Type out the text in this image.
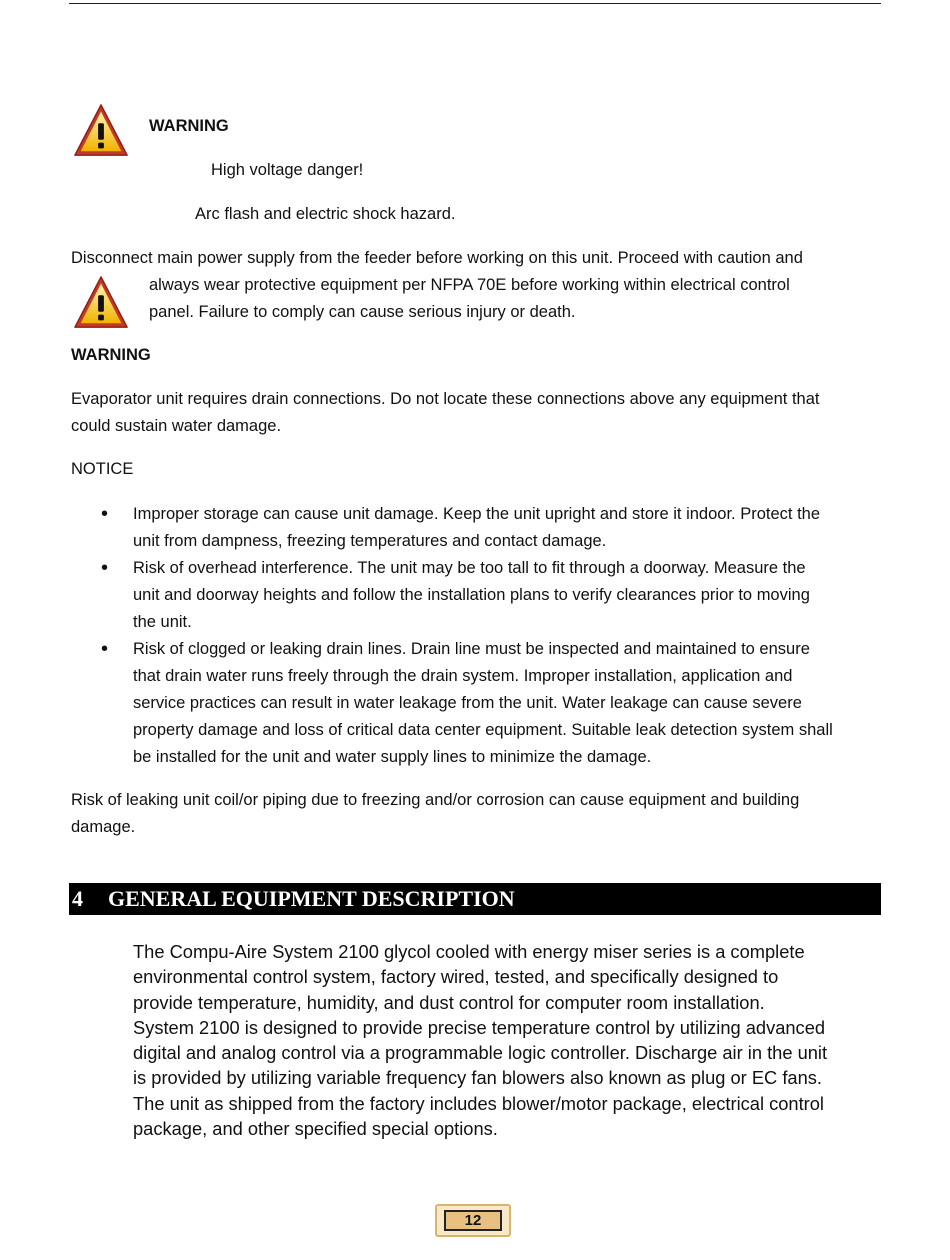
WARNING
High voltage danger!
Arc flash and electric shock hazard.
Disconnect main power supply from the feeder before working on this unit. Proceed with caution and
always wear protective equipment per NFPA 70E before working within electrical control
panel. Failure to comply can cause serious injury or death.
WARNING
Evaporator unit requires drain connections. Do not locate these connections above any equipment that
could sustain water damage.
NOTICE
• Improper storage can cause unit damage. Keep the unit upright and store it indoor. Protect the
unit from dampness, freezing temperatures and contact damage.
• Risk of overhead interference. The unit may be too tall to fit through a doorway. Measure the
unit and doorway heights and follow the installation plans to verify clearances prior to moving
the unit.
• Risk of clogged or leaking drain lines. Drain line must be inspected and maintained to ensure
that drain water runs freely through the drain system. Improper installation, application and
service practices can result in water leakage from the unit. Water leakage can cause severe
property damage and loss of critical data center equipment. Suitable leak detection system shall
be installed for the unit and water supply lines to minimize the damage.
Risk of leaking unit coil/or piping due to freezing and/or corrosion can cause equipment and building
damage.
4 GENERAL EQUIPMENT DESCRIPTION
The Compu-Aire System 2100 glycol cooled with energy miser series is a complete
environmental control system, factory wired, tested, and specifically designed to
provide temperature, humidity, and dust control for computer room installation.
System 2100 is designed to provide precise temperature control by utilizing advanced
digital and analog control via a programmable logic controller. Discharge air in the unit
is provided by utilizing variable frequency fan blowers also known as plug or EC fans.
The unit as shipped from the factory includes blower/motor package, electrical control
package, and other specified special options.
12
